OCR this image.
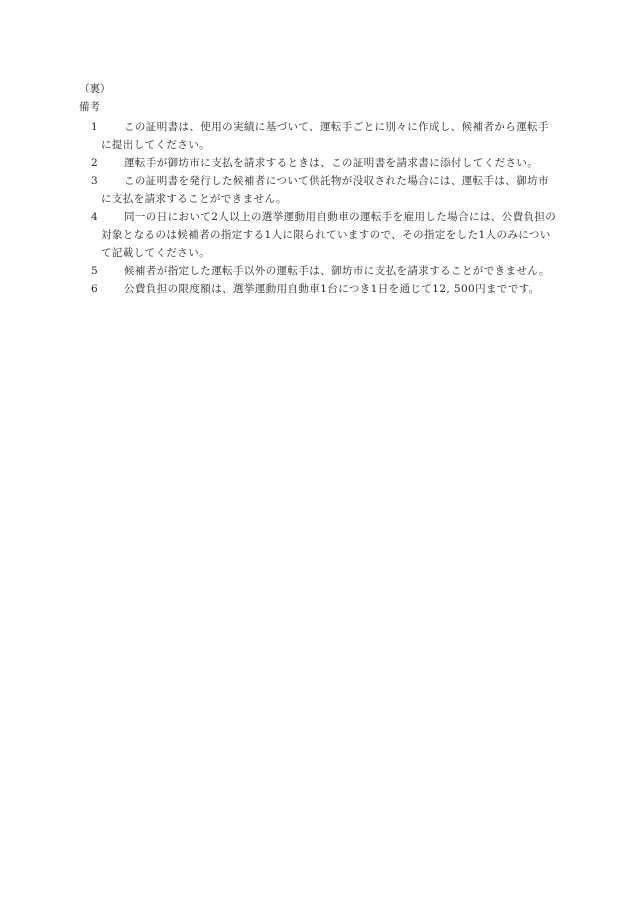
（裏）
備考
1	この証明書は、使用の実績に基づいて、運転手ごとに別々に作成し、候補者から運転手に提出してください。
2	運転手が御坊市に支払を請求するときは、この証明書を請求書に添付してください。
3	この証明書を発行した候補者について供託物が没収された場合には、運転手は、御坊市に支払を請求することができません。
4	同一の日において2人以上の選挙運動用自動車の運転手を雇用した場合には、公費負担の対象となるのは候補者の指定する1人に限られていますので、その指定をした1人のみについて記載してください。
5	候補者が指定した運転手以外の運転手は、御坊市に支払を請求することができません。
6	公費負担の限度額は、選挙運動用自動車1台につき1日を通じて12, 500円までです。
